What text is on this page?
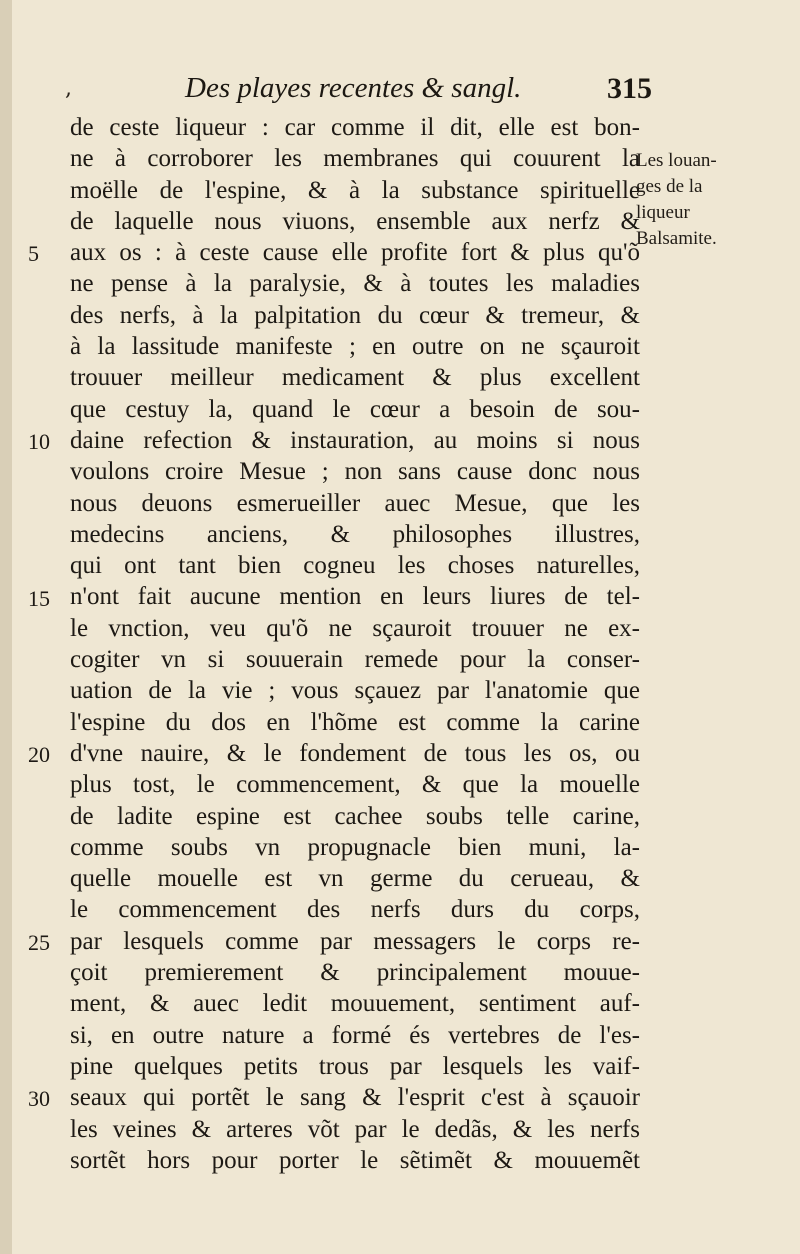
,	Des playes recentes & sangl.	315
5
10
15
20
25
30
de ceste liqueur : car comme il dit, elle est bon-
ne à corroborer les membranes qui couurent la
moëlle de l'espine, & à la substance spirituelle
de laquelle nous viuons, ensemble aux nerfz &
aux os : à ceste cause elle profite fort & plus qu'õ
ne pense à la paralysie, & à toutes les maladies
des nerfs, à la palpitation du cœur & tremeur, &
à la lassitude manifeste ; en outre on ne sçauroit
trouuer meilleur medicament & plus excellent
que cestuy la, quand le cœur a besoin de sou-
daine refection & instauration, au moins si nous
voulons croire Mesue ; non sans cause donc nous
nous deuons esmerueiller auec Mesue, que les
medecins anciens, & philosophes illustres,
qui ont tant bien cogneu les choses naturelles,
n'ont fait aucune mention en leurs liures de tel-
le vnction, veu qu'õ ne sçauroit trouuer ne ex-
cogiter vn si souuerain remede pour la conser-
uation de la vie ; vous sçauez par l'anatomie que
l'espine du dos en l'hõme est comme la carine
d'vne nauire, & le fondement de tous les os, ou
plus tost, le commencement, & que la mouelle
de ladite espine est cachee soubs telle carine,
comme soubs vn propugnacle bien muni, la-
quelle mouelle est vn germe du cerueau, &
le commencement des nerfs durs du corps,
par lesquels comme par messagers le corps re-
çoit premierement & principalement mouue-
ment, & auec ledit mouuement, sentiment auf-
si, en outre nature a formé és vertebres de l'es-
pine quelques petits trous par lesquels les vaif-
seaux qui portẽt le sang & l'esprit c'est à sçauoir
les veines & arteres võt par le dedãs, & les nerfs
sortẽt hors pour porter le sẽtimẽt & mouuemẽt
Les louan-
ges de la
liqueur
Balsamite.
